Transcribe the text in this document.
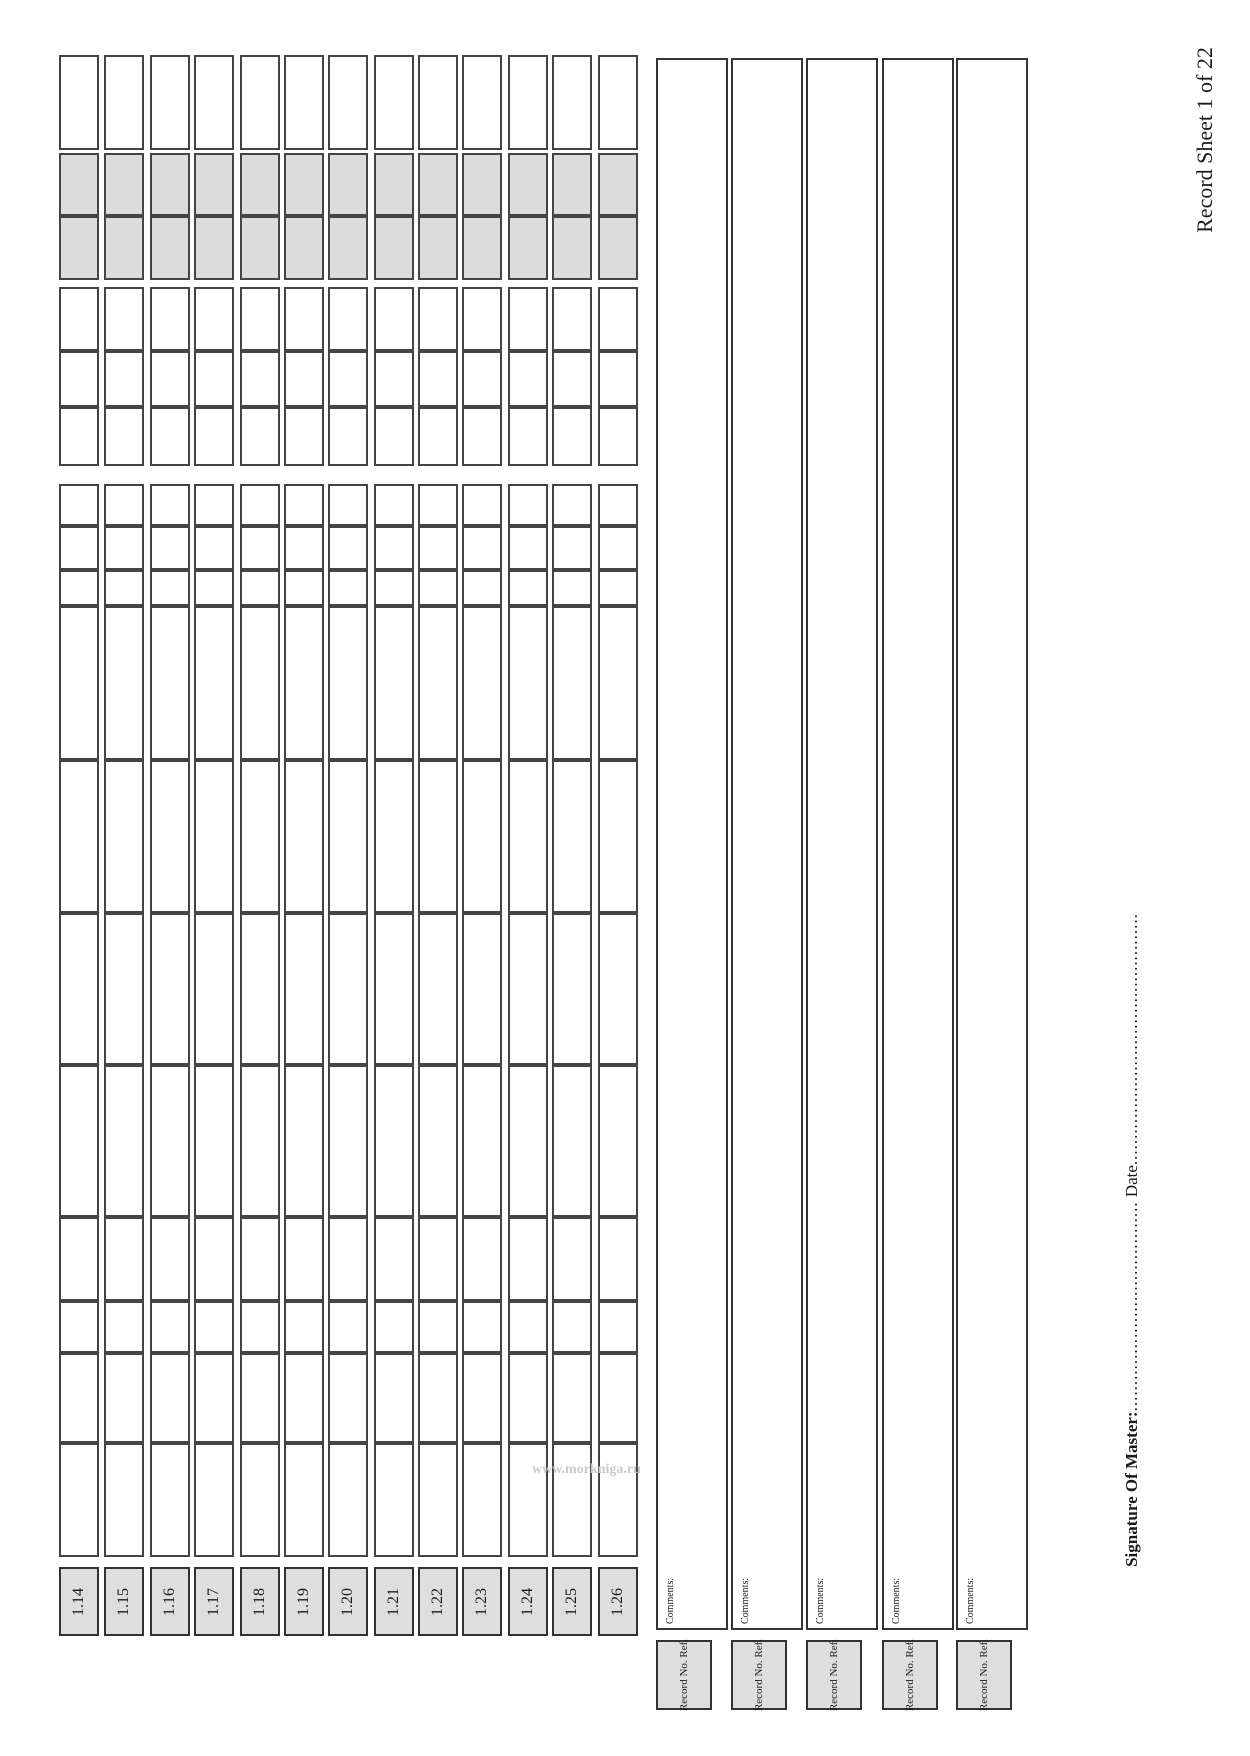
1.14 1.15 1.16 1.17 1.18 1.19 1.20 1.21 1.22 1.23 1.24 1.25 1.26
Record No. Ref.
Comments:
Record No. Ref.
Comments:
Record No. Ref.
Comments:
Record No. Ref.
Comments:
Record No. Ref.
Comments:
Signature Of Master:........................................ Date................................................
Record Sheet 1 of 22
www.morkniga.ru
